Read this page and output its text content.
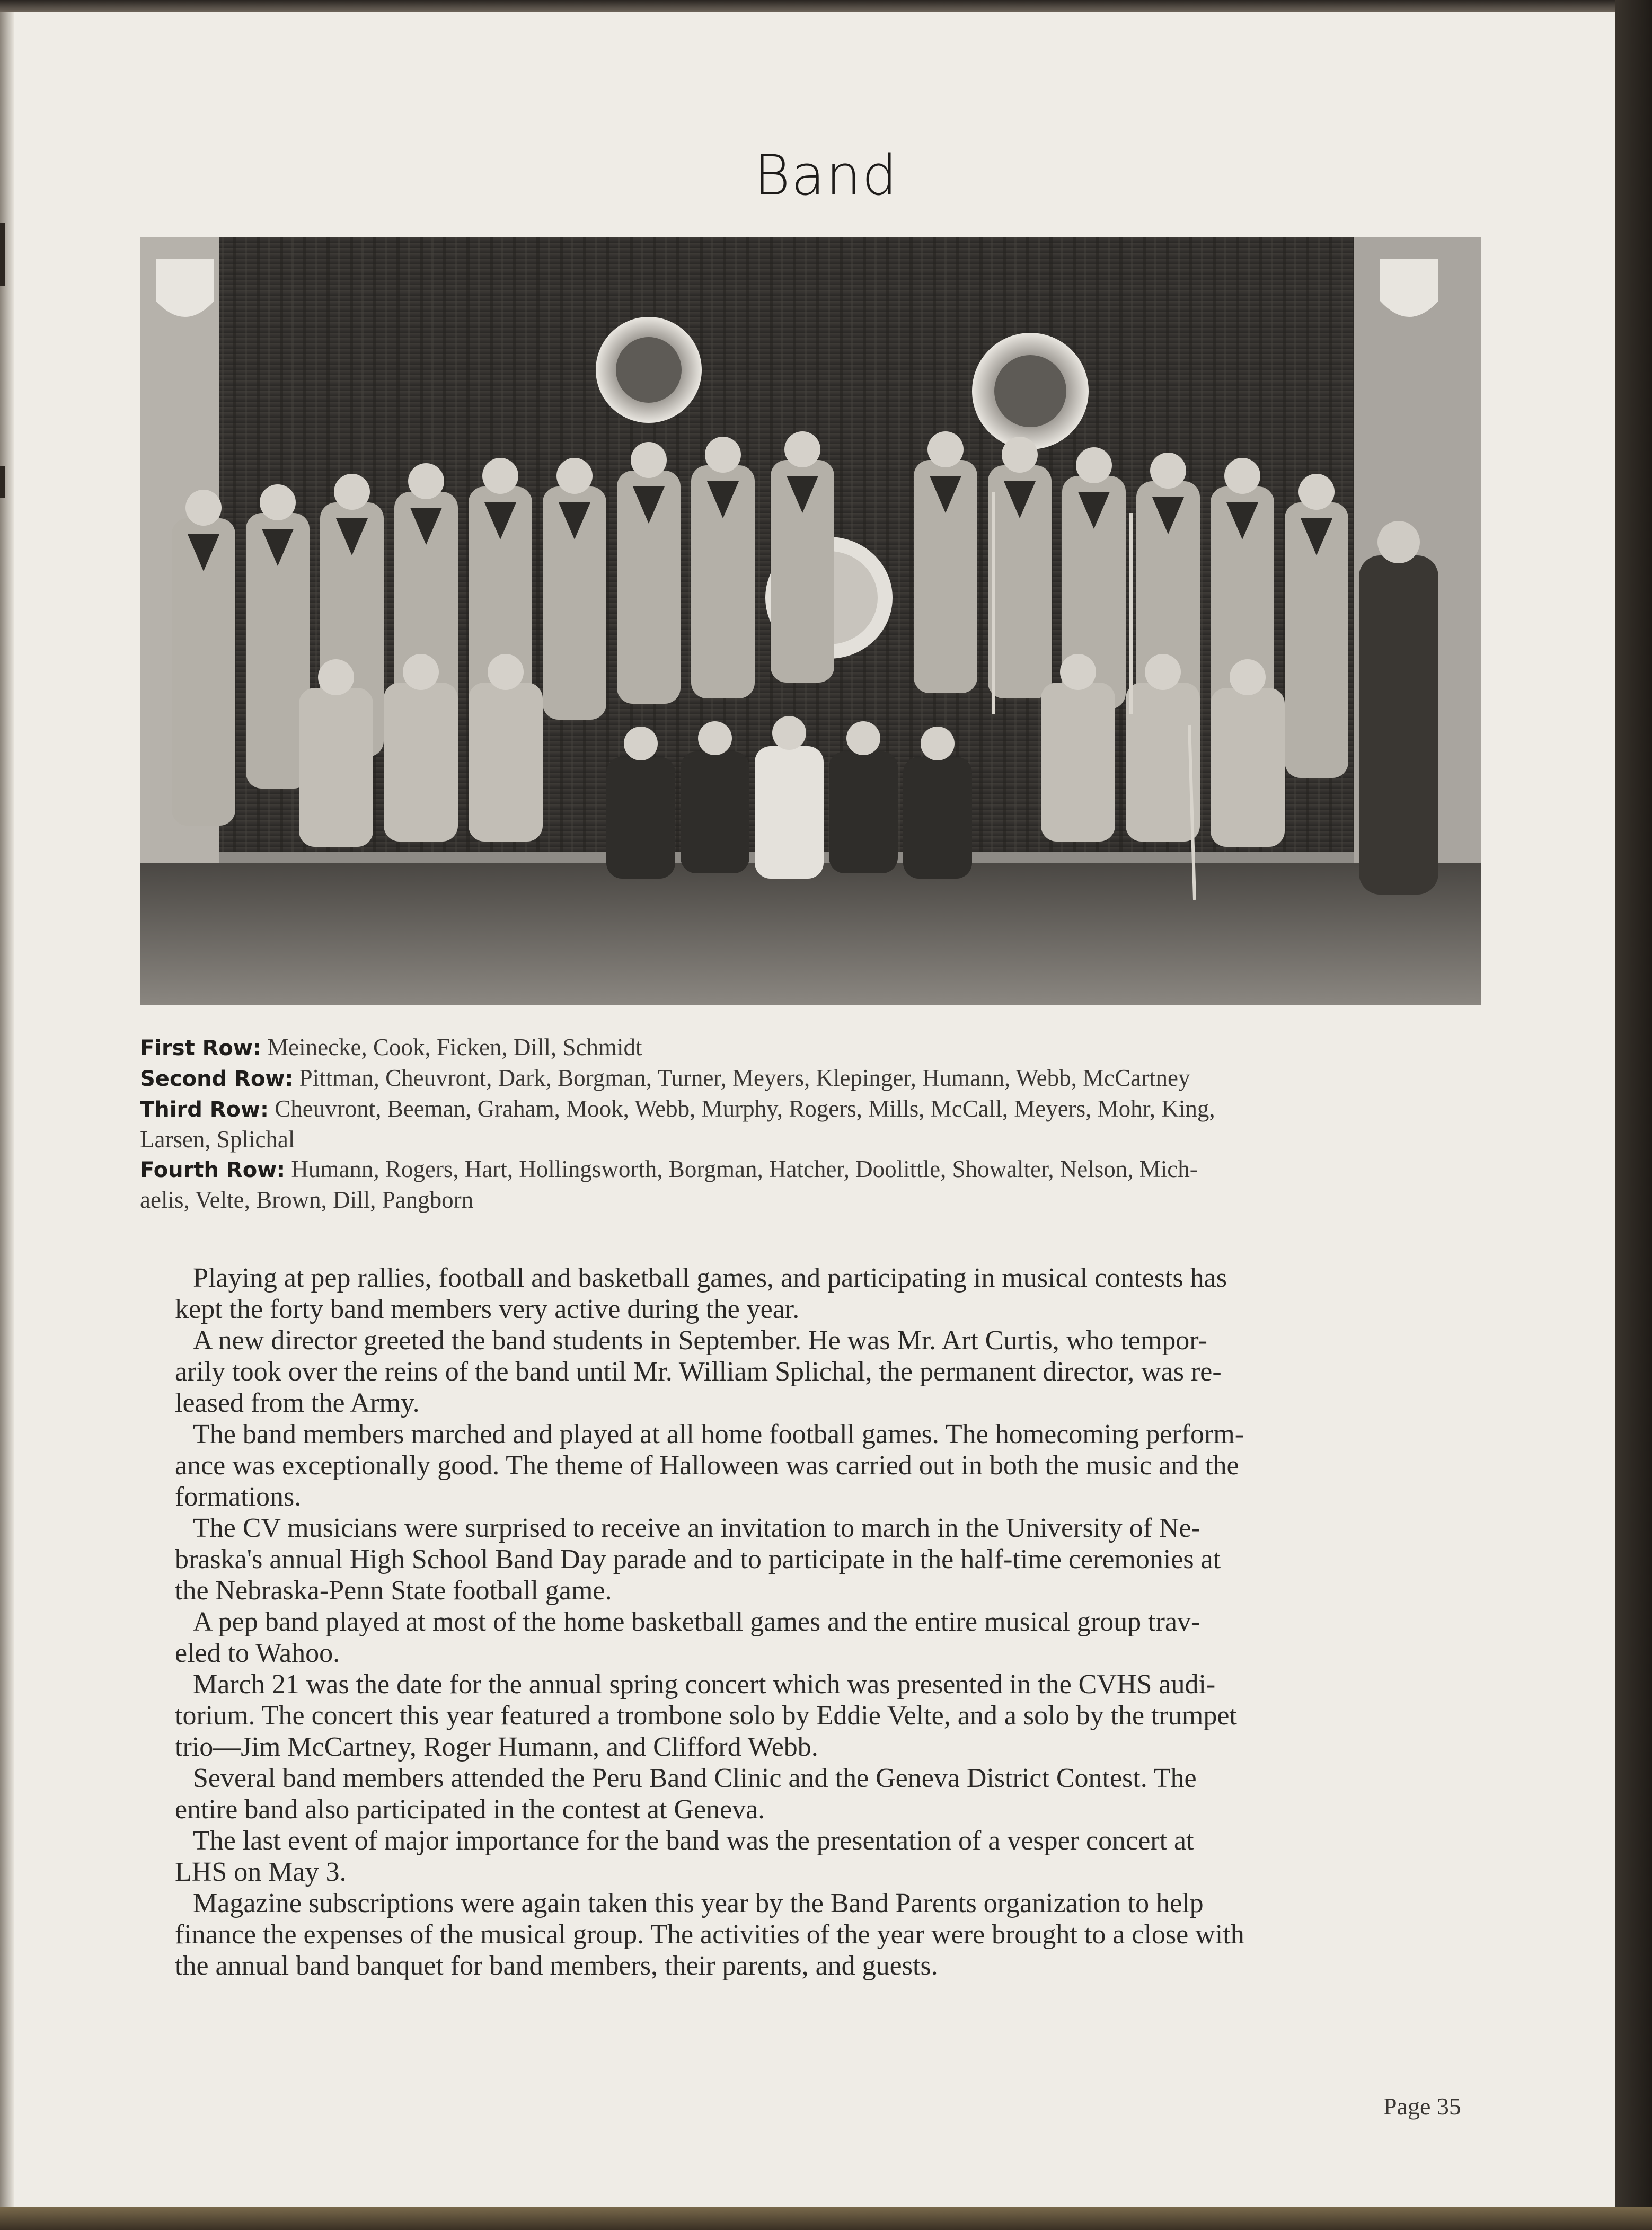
Band
First Row: Meinecke, Cook, Ficken, Dill, Schmidt
Second Row: Pittman, Cheuvront, Dark, Borgman, Turner, Meyers, Klepinger, Humann, Webb, McCartney
Third Row: Cheuvront, Beeman, Graham, Mook, Webb, Murphy, Rogers, Mills, McCall, Meyers, Mohr, King,
Larsen, Splichal
Fourth Row: Humann, Rogers, Hart, Hollingsworth, Borgman, Hatcher, Doolittle, Showalter, Nelson, Mich-
aelis, Velte, Brown, Dill, Pangborn

Playing at pep rallies, football and basketball games, and participating in musical contests has
kept the forty band members very active during the year.

A new director greeted the band students in September. He was Mr. Art Curtis, who tempor-
arily took over the reins of the band until Mr. William Splichal, the permanent director, was re-
leased from the Army.

The band members marched and played at all home football games. The homecoming perform-
ance was exceptionally good. The theme of Halloween was carried out in both the music and the
formations.

The CV musicians were surprised to receive an invitation to march in the University of Ne-
braska's annual High School Band Day parade and to participate in the half-time ceremonies at
the Nebraska-Penn State football game.

A pep band played at most of the home basketball games and the entire musical group trav-
eled to Wahoo.

March 21 was the date for the annual spring concert which was presented in the CVHS audi-
torium. The concert this year featured a trombone solo by Eddie Velte, and a solo by the trumpet
trio—Jim McCartney, Roger Humann, and Clifford Webb.

Several band members attended the Peru Band Clinic and the Geneva District Contest. The
entire band also participated in the contest at Geneva.

The last event of major importance for the band was the presentation of a vesper concert at
LHS on May 3.

Magazine subscriptions were again taken this year by the Band Parents organization to help
finance the expenses of the musical group. The activities of the year were brought to a close with
the annual band banquet for band members, their parents, and guests.

Page 35
